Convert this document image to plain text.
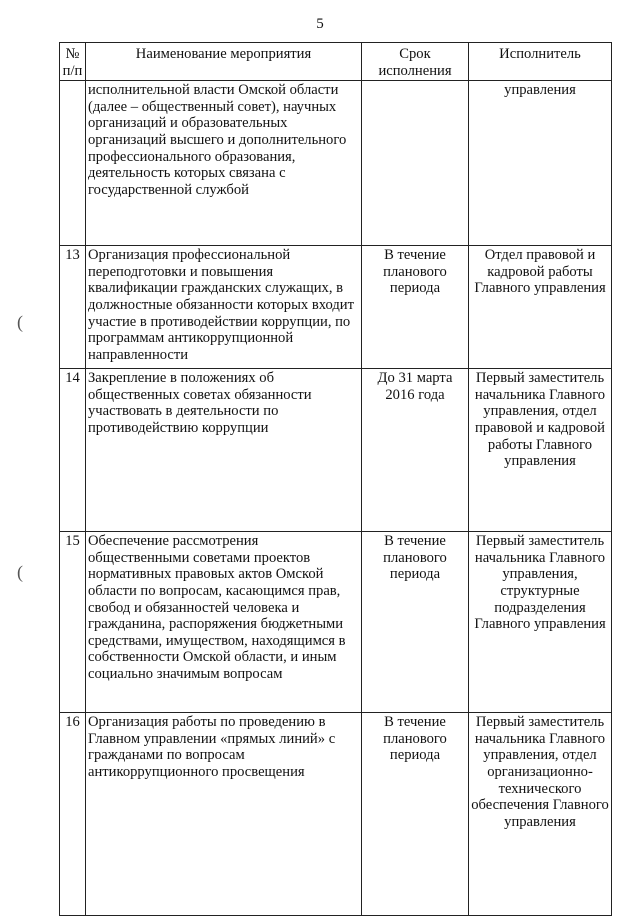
5
(
(
№ п/п	Наименование мероприятия	Срок исполнения	Исполнитель
	исполнительной власти Омской области (далее – общественный совет), научных организаций и образовательных организаций высшего и дополнительного профессионального образования, деятельность которых связана с государственной службой		управления
13	Организация профессиональной переподготовки и повышения квалификации гражданских служащих, в должностные обязанности которых входит участие в противодействии коррупции, по программам антикоррупционной направленности	В течение планового периода	Отдел правовой и кадровой работы Главного управления
14	Закрепление в положениях об общественных советах обязанности участвовать в деятельности по противодействию коррупции	До 31 марта 2016 года	Первый заместитель начальника Главного управления, отдел правовой и кадровой работы Главного управления
15	Обеспечение рассмотрения общественными советами проектов нормативных правовых актов Омской области по вопросам, касающимся прав, свобод и обязанностей человека и гражданина, распоряжения бюджетными средствами, имуществом, находящимся в собственности Омской области, и иным социально значимым вопросам	В течение планового периода	Первый заместитель начальника Главного управления, структурные подразделения Главного управления
16	Организация работы по проведению в Главном управлении «прямых линий» с гражданами по вопросам антикоррупционного просвещения	В течение планового периода	Первый заместитель начальника Главного управления, отдел организационно-технического обеспечения Главного управления
